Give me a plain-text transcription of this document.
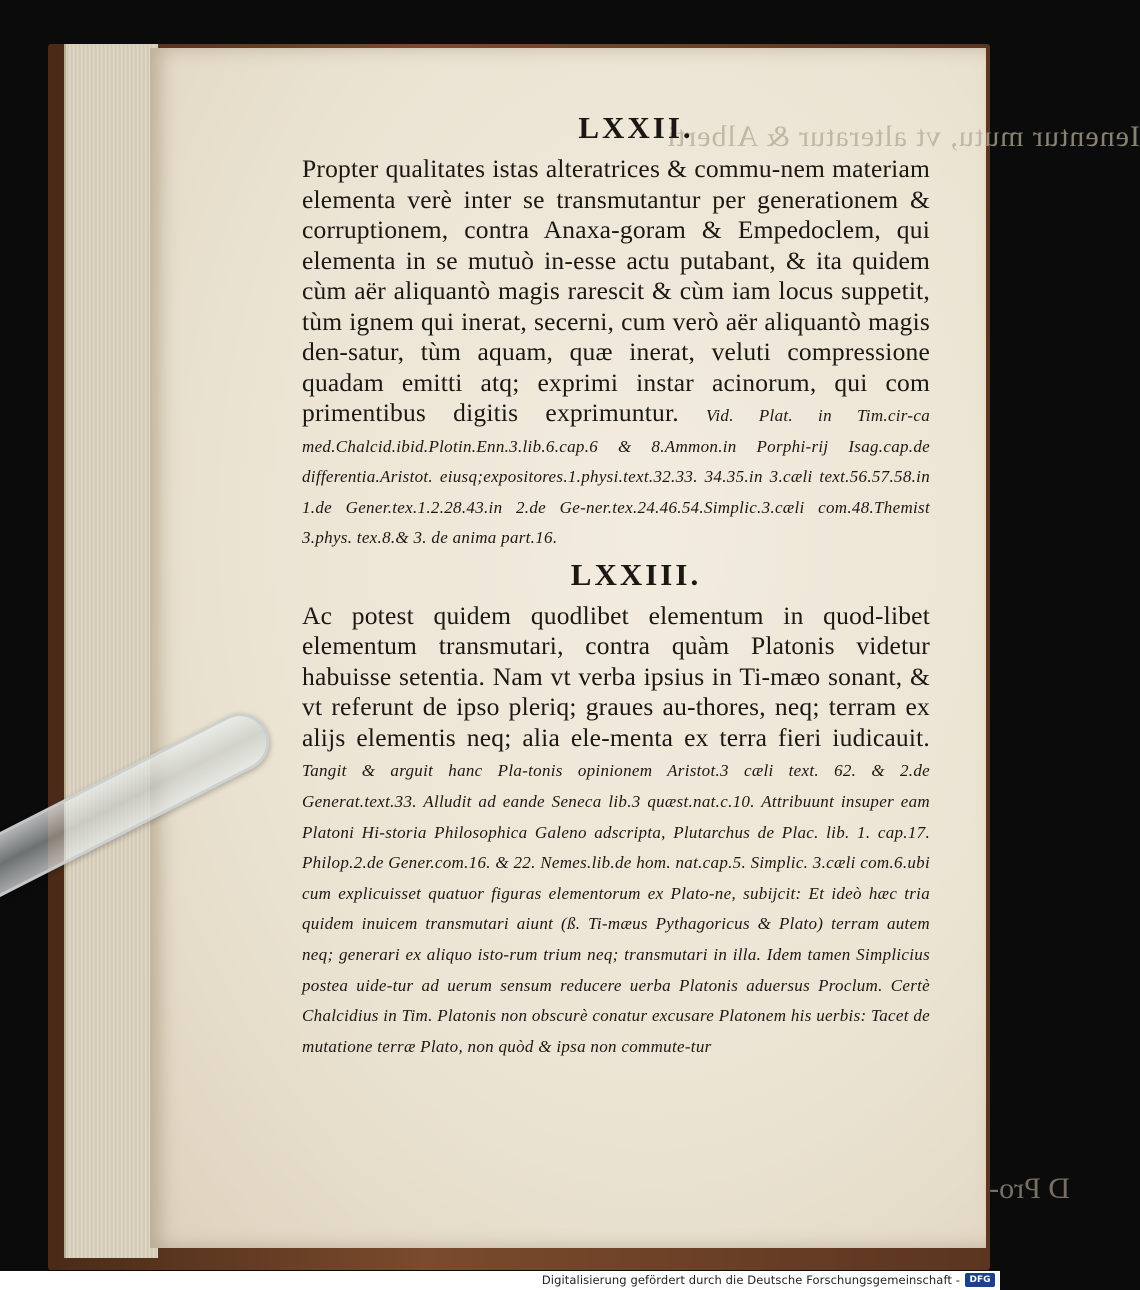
Ienentur mutu, vt alteratur & Alberti
D Pro-
LXXII.

Propter qualitates istas alteratrices & commu-nem materiam elementa verè inter se transmutantur per generationem & corruptionem, contra Anaxa-goram & Empedoclem, qui elementa in se mutuò in-esse actu putabant, & ita quidem cùm aër aliquantò magis rarescit & cùm iam locus suppetit, tùm ignem qui inerat, secerni, cum verò aër aliquantò magis den-satur, tùm aquam, quæ inerat, veluti compressione quadam emitti atq; exprimi instar acinorum, qui com primentibus digitis exprimuntur. Vid. Plat. in Tim.cir-ca med.Chalcid.ibid.Plotin.Enn.3.lib.6.cap.6 & 8.Ammon.in Porphi-rij Isag.cap.de differentia.Aristot. eiusq;expositores.1.physi.text.32.33. 34.35.in 3.cæli text.56.57.58.in 1.de Gener.tex.1.2.28.43.in 2.de Ge-ner.tex.24.46.54.Simplic.3.cæli com.48.Themist 3.phys. tex.8.& 3. de anima part.16.

LXXIII.

Ac potest quidem quodlibet elementum in quod-libet elementum transmutari, contra quàm Platonis videtur habuisse setentia. Nam vt verba ipsius in Ti-mæo sonant, & vt referunt de ipso pleriq; graues au-thores, neq; terram ex alijs elementis neq; alia ele-menta ex terra fieri iudicauit. Tangit & arguit hanc Pla-tonis opinionem Aristot.3 cæli text. 62. & 2.de Generat.text.33. Alludit ad eande Seneca lib.3 quæst.nat.c.10. Attribuunt insuper eam Platoni Hi-storia Philosophica Galeno adscripta, Plutarchus de Plac. lib. 1. cap.17. Philop.2.de Gener.com.16. & 22. Nemes.lib.de hom. nat.cap.5. Simplic. 3.cæli com.6.ubi cum explicuisset quatuor figuras elementorum ex Plato-ne, subijcit: Et ideò hæc tria quidem inuicem transmutari aiunt (ß. Ti-mæus Pythagoricus & Plato) terram autem neq; generari ex aliquo isto-rum trium neq; transmutari in illa. Idem tamen Simplicius postea uide-tur ad uerum sensum reducere uerba Platonis aduersus Proclum. Certè Chalcidius in Tim. Platonis non obscurè conatur excusare Platonem his uerbis: Tacet de mutatione terræ Plato, non quòd & ipsa non commute-tur

Digitalisierung gefördert durch die Deutsche Forschungsgemeinschaft -	DFG
